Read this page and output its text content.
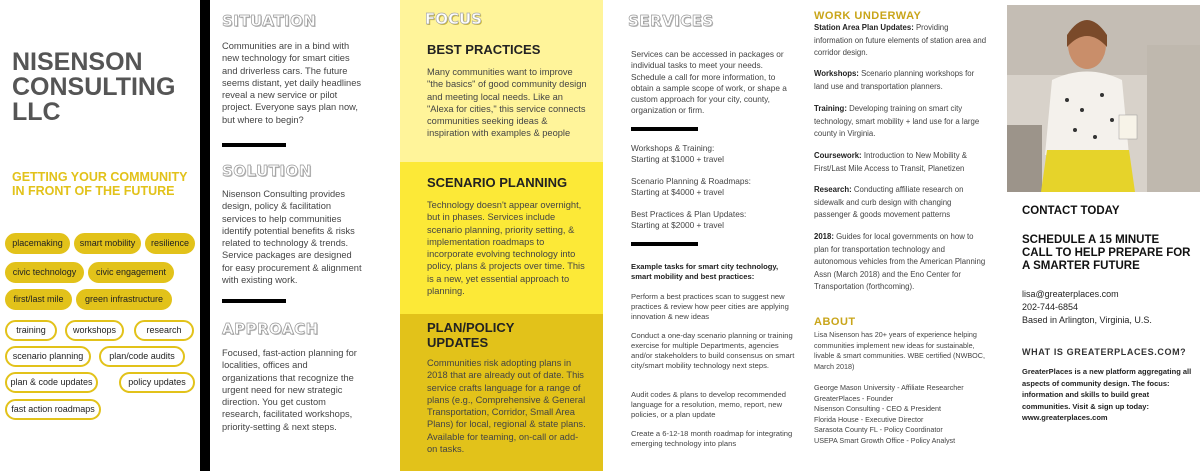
NISENSON
CONSULTING
LLC
GETTING YOUR COMMUNITY IN FRONT OF THE FUTURE
placemaking	smart mobility	resilience
civic technology	civic engagement
first/last mile	green infrastructure
training	workshops	research
scenario planning	plan/code audits
plan & code updates	policy updates
fast action roadmaps
SITUATION
Communities are in a bind with new technology for smart cities and driverless cars. The future seems distant, yet daily headlines reveal a new service or pilot project. Everyone says plan now, but where to begin?
SOLUTION
Nisenson Consulting provides design, policy & facilitation services to help communities identify potential benefits & risks related to technology & trends. Service packages are designed for easy procurement & alignment with existing work.
APPROACH
Focused, fast-action planning for localities, offices and organizations that recognize the urgent need for new strategic direction. You get custom research, facilitated workshops, priority-setting & next steps.
FOCUS
BEST PRACTICES
Many communities want to improve "the basics" of good community design and meeting local needs. Like an "Alexa for cities," this service connects communities seeking ideas & inspiration with examples & people
SCENARIO PLANNING
Technology doesn't appear overnight, but in phases. Services include scenario planning, priority setting, & implementation roadmaps to incorporate evolving technology into policy, plans & projects over time. This is a new, yet essential approach to planning.
PLAN/POLICY
UPDATES
Communities risk adopting plans in 2018 that are already out of date. This service crafts language for a range of plans (e.g., Comprehensive & General Transportation, Corridor, Small Area Plans) for local, regional & state plans. Available for teaming, on-call or add-on tasks.
SERVICES
Services can be accessed in packages or individual tasks to meet your needs. Schedule a call for more information, to obtain a sample scope of work, or shape a custom approach for your city, county, organization or firm.
Workshops & Training:
Starting at $1000 + travel
Scenario Planning & Roadmaps:
Starting at $4000 + travel
Best Practices & Plan Updates:
Starting at $2000 + travel
Example tasks for smart city technology, smart mobility and best practices:
Perform a best practices scan to suggest new practices & review how peer cities are applying innovation & new ideas
Conduct a one-day scenario planning or training exercise for multiple Departments, agencies and/or stakeholders to build consensus on smart city/smart mobility technology next steps.
Audit codes & plans to develop recommended language for a resolution, memo, report, new policies, or a plan update
Create a 6-12-18 month roadmap for integrating emerging technology into plans
WORK UNDERWAY
Station Area Plan Updates: Providing information on future elements of station area and corridor design.
Workshops: Scenario planning workshops for land use and transportation planners.
Training: Developing training on smart city technology, smart mobility + land use for a large county in Virginia.
Coursework: Introduction to New Mobility & First/Last Mile Access to Transit, Planetizen
Research: Conducting affiliate research on sidewalk and curb design with changing passenger & goods movement patterns
2018: Guides for local governments on how to plan for transportation technology and autonomous vehicles from the American Planning Assn (March 2018) and the Eno Center for Transportation (forthcoming).
ABOUT
Lisa Nisenson has 20+ years of experience helping communities implement new ideas for sustainable, livable & smart communities. WBE certified (NWBOC, March 2018)
George Mason University - Affiliate Researcher
GreaterPlaces - Founder
Nisenson Consulting - CEO & President
Florida House - Executive Director
Sarasota County FL - Policy Coordinator
USEPA Smart Growth Office - Policy Analyst
CONTACT TODAY
SCHEDULE A 15 MINUTE CALL TO HELP PREPARE FOR A SMARTER FUTURE
lisa@greaterplaces.com
202-744-6854
Based in Arlington, Virginia, U.S.
WHAT IS GREATERPLACES.COM?
GreaterPlaces is a new platform aggregating all aspects of community design. The focus: information and skills to build great communities. Visit & sign up today: www.greaterplaces.com
